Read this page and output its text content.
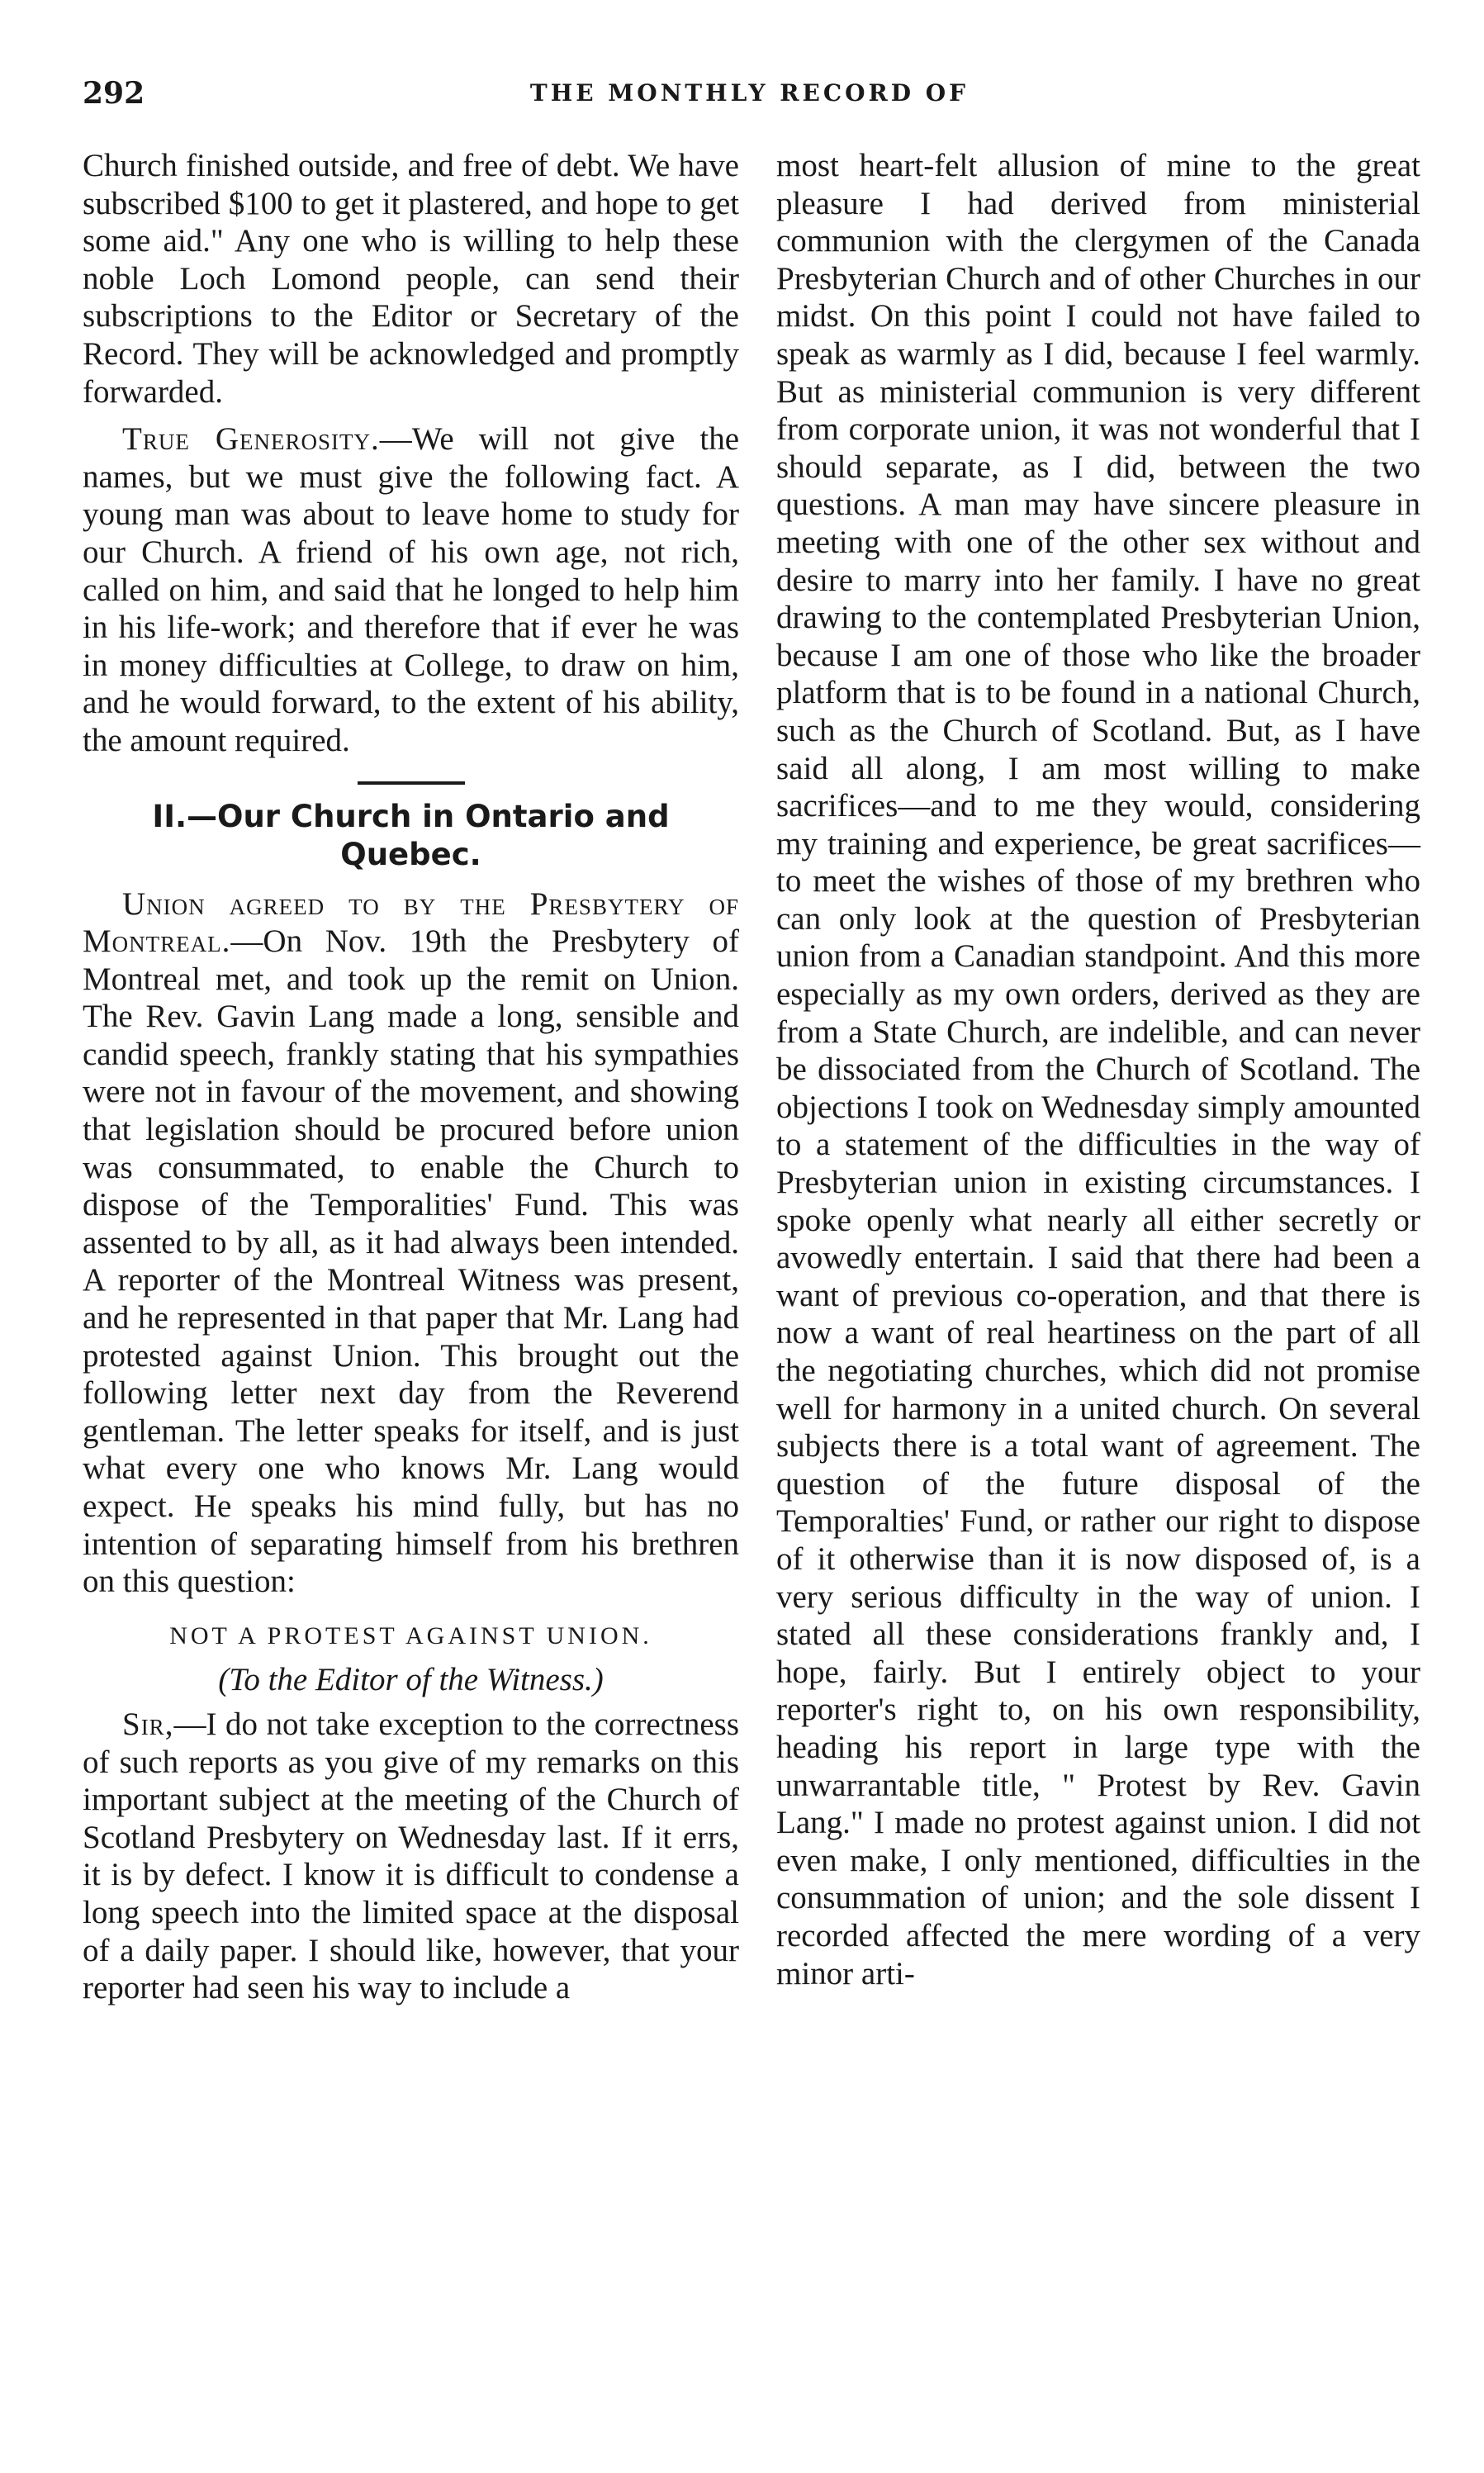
292	THE MONTHLY RECORD OF

Church finished outside, and free of debt. We have subscribed $100 to get it plastered, and hope to get some aid." Any one who is willing to help these noble Loch Lomond people, can send their subscriptions to the Editor or Secretary of the Record. They will be acknowledged and promptly forwarded.

True Generosity.—We will not give the names, but we must give the following fact. A young man was about to leave home to study for our Church. A friend of his own age, not rich, called on him, and said that he longed to help him in his life-work; and therefore that if ever he was in money difficulties at College, to draw on him, and he would forward, to the extent of his ability, the amount required.

II.—Our Church in Ontario and Quebec.

Union agreed to by the Presbytery of Montreal.—On Nov. 19th the Presbytery of Montreal met, and took up the remit on Union. The Rev. Gavin Lang made a long, sensible and candid speech, frankly stating that his sympathies were not in favour of the movement, and showing that legislation should be procured before union was consummated, to enable the Church to dispose of the Temporalities' Fund. This was assented to by all, as it had always been intended. A reporter of the Montreal Witness was present, and he represented in that paper that Mr. Lang had protested against Union. This brought out the following letter next day from the Reverend gentleman. The letter speaks for itself, and is just what every one who knows Mr. Lang would expect. He speaks his mind fully, but has no intention of separating himself from his brethren on this question:

NOT A PROTEST AGAINST UNION.
(To the Editor of the Witness.)

Sir,—I do not take exception to the correctness of such reports as you give of my remarks on this important subject at the meeting of the Church of Scotland Presbytery on Wednesday last. If it errs, it is by defect. I know it is difficult to condense a long speech into the limited space at the disposal of a daily paper. I should like, however, that your reporter had seen his way to include a

most heart-felt allusion of mine to the great pleasure I had derived from ministerial communion with the clergymen of the Canada Presbyterian Church and of other Churches in our midst. On this point I could not have failed to speak as warmly as I did, because I feel warmly. But as ministerial communion is very different from corporate union, it was not wonderful that I should separate, as I did, between the two questions. A man may have sincere pleasure in meeting with one of the other sex without and desire to marry into her family. I have no great drawing to the contemplated Presbyterian Union, because I am one of those who like the broader platform that is to be found in a national Church, such as the Church of Scotland. But, as I have said all along, I am most willing to make sacrifices—and to me they would, considering my training and experience, be great sacrifices—to meet the wishes of those of my brethren who can only look at the question of Presbyterian union from a Canadian standpoint. And this more especially as my own orders, derived as they are from a State Church, are indelible, and can never be dissociated from the Church of Scotland. The objections I took on Wednesday simply amounted to a statement of the difficulties in the way of Presbyterian union in existing circumstances. I spoke openly what nearly all either secretly or avowedly entertain. I said that there had been a want of previous co-operation, and that there is now a want of real heartiness on the part of all the negotiating churches, which did not promise well for harmony in a united church. On several subjects there is a total want of agreement. The question of the future disposal of the Temporalties' Fund, or rather our right to dispose of it otherwise than it is now disposed of, is a very serious difficulty in the way of union. I stated all these considerations frankly and, I hope, fairly. But I entirely object to your reporter's right to, on his own responsibility, heading his report in large type with the unwarrantable title, " Protest by Rev. Gavin Lang." I made no protest against union. I did not even make, I only mentioned, difficulties in the consummation of union; and the sole dissent I recorded affected the mere wording of a very minor arti-
